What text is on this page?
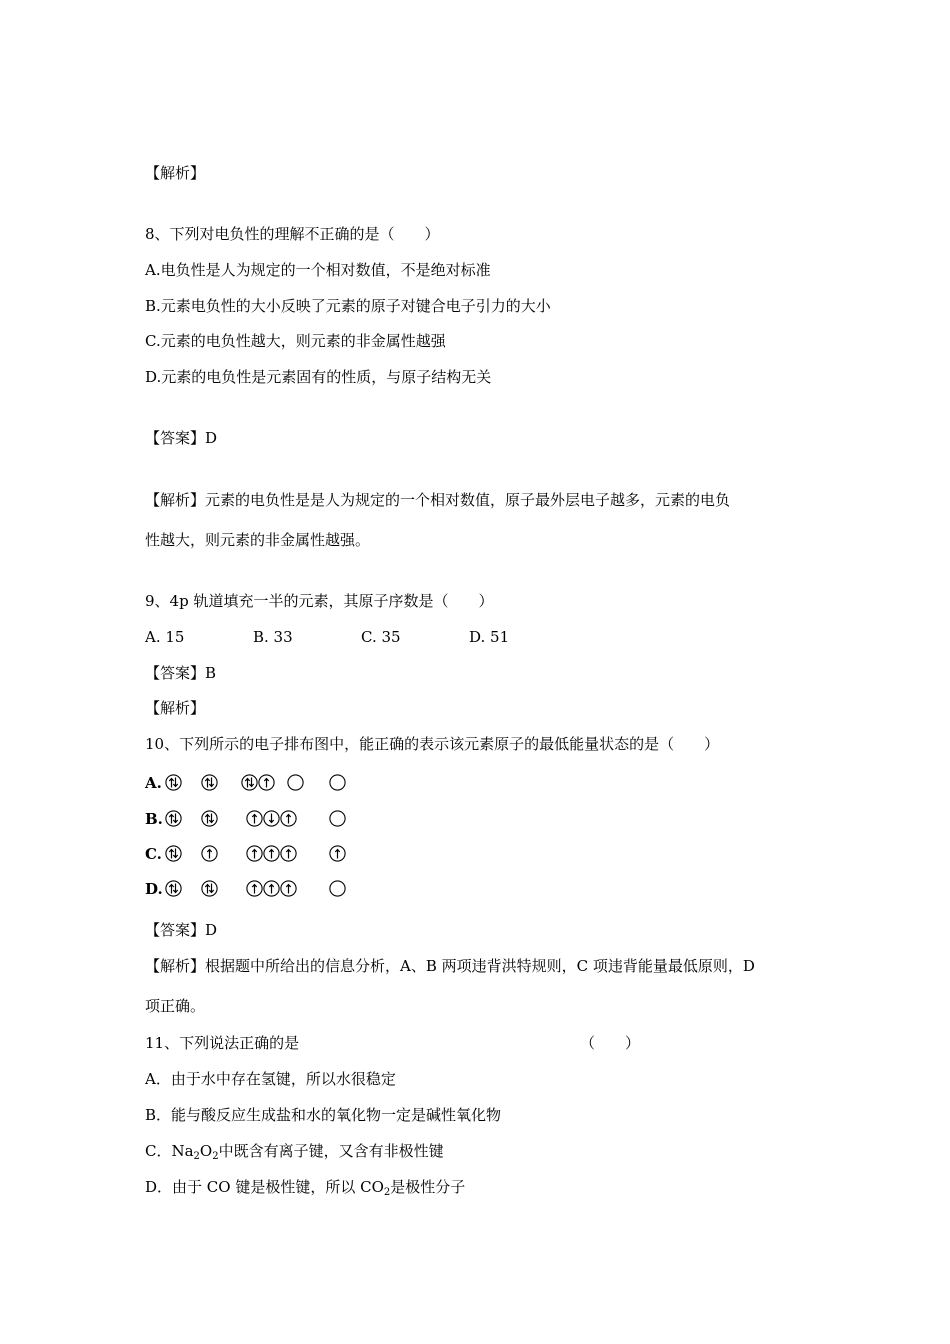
【解析】
8、下列对电负性的理解不正确的是（　　）
A.电负性是人为规定的一个相对数值，不是绝对标准
B.元素电负性的大小反映了元素的原子对键合电子引力的大小
C.元素的电负性越大，则元素的非金属性越强
D.元素的电负性是元素固有的性质，与原子结构无关
【答案】D
【解析】元素的电负性是是人为规定的一个相对数值，原子最外层电子越多，元素的电负
性越大，则元素的非金属性越强。
9、4p 轨道填充一半的元素，其原子序数是（　　）
A. 15	B. 33	C. 35	D. 51
【答案】B
【解析】
10、下列所示的电子排布图中，能正确的表示该元素原子的最低能量状态的是（　　）
A.
B.
C.
D.
【答案】D
【解析】根据题中所给出的信息分析，A、B 两项违背洪特规则，C 项违背能量最低原则，D
项正确。
11、下列说法正确的是	（　　）
A．由于水中存在氢键，所以水很稳定
B．能与酸反应生成盐和水的氧化物一定是碱性氧化物
C．$Na_2O_2$中既含有离子键，又含有非极性键
D．由于 CO 键是极性键，所以 $CO_2$是极性分子
